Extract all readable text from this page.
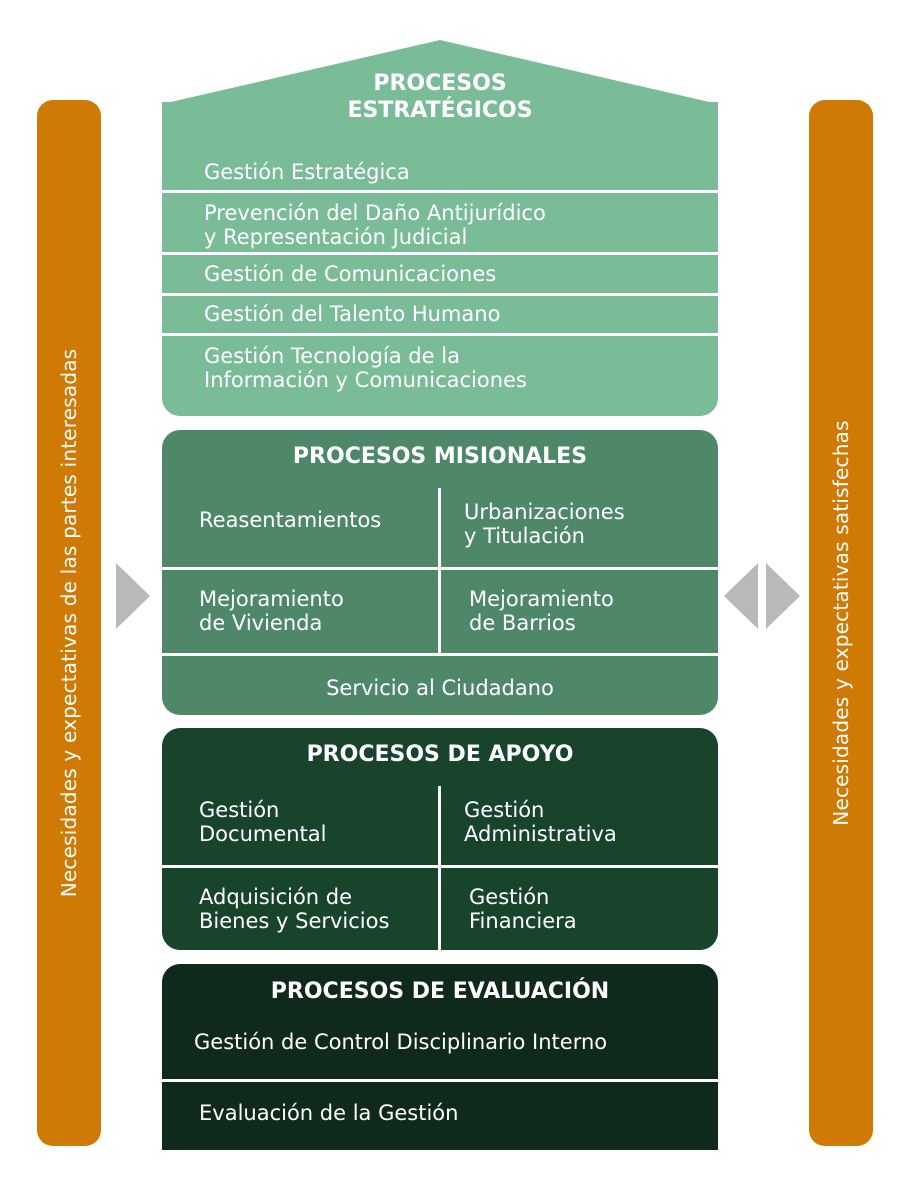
Necesidades y expectativas de las partes interesadas	Necesidades y expectativas satisfechas
PROCESOS
ESTRATÉGICOS
Gestión Estratégica
Prevención del Daño Antijurídico
y Representación Judicial
Gestión de Comunicaciones
Gestión del Talento Humano
Gestión Tecnología de la
Información y Comunicaciones
PROCESOS MISIONALES
Reasentamientos	Urbanizaciones
y Titulación
Mejoramiento
de Vivienda
Mejoramiento
de Barrios
Servicio al Ciudadano
PROCESOS DE APOYO
Gestión
Documental
Gestión
Administrativa
Adquisición de
Bienes y Servicios
Gestión
Financiera
PROCESOS DE EVALUACIÓN
Gestión de Control Disciplinario Interno
Evaluación de la Gestión
